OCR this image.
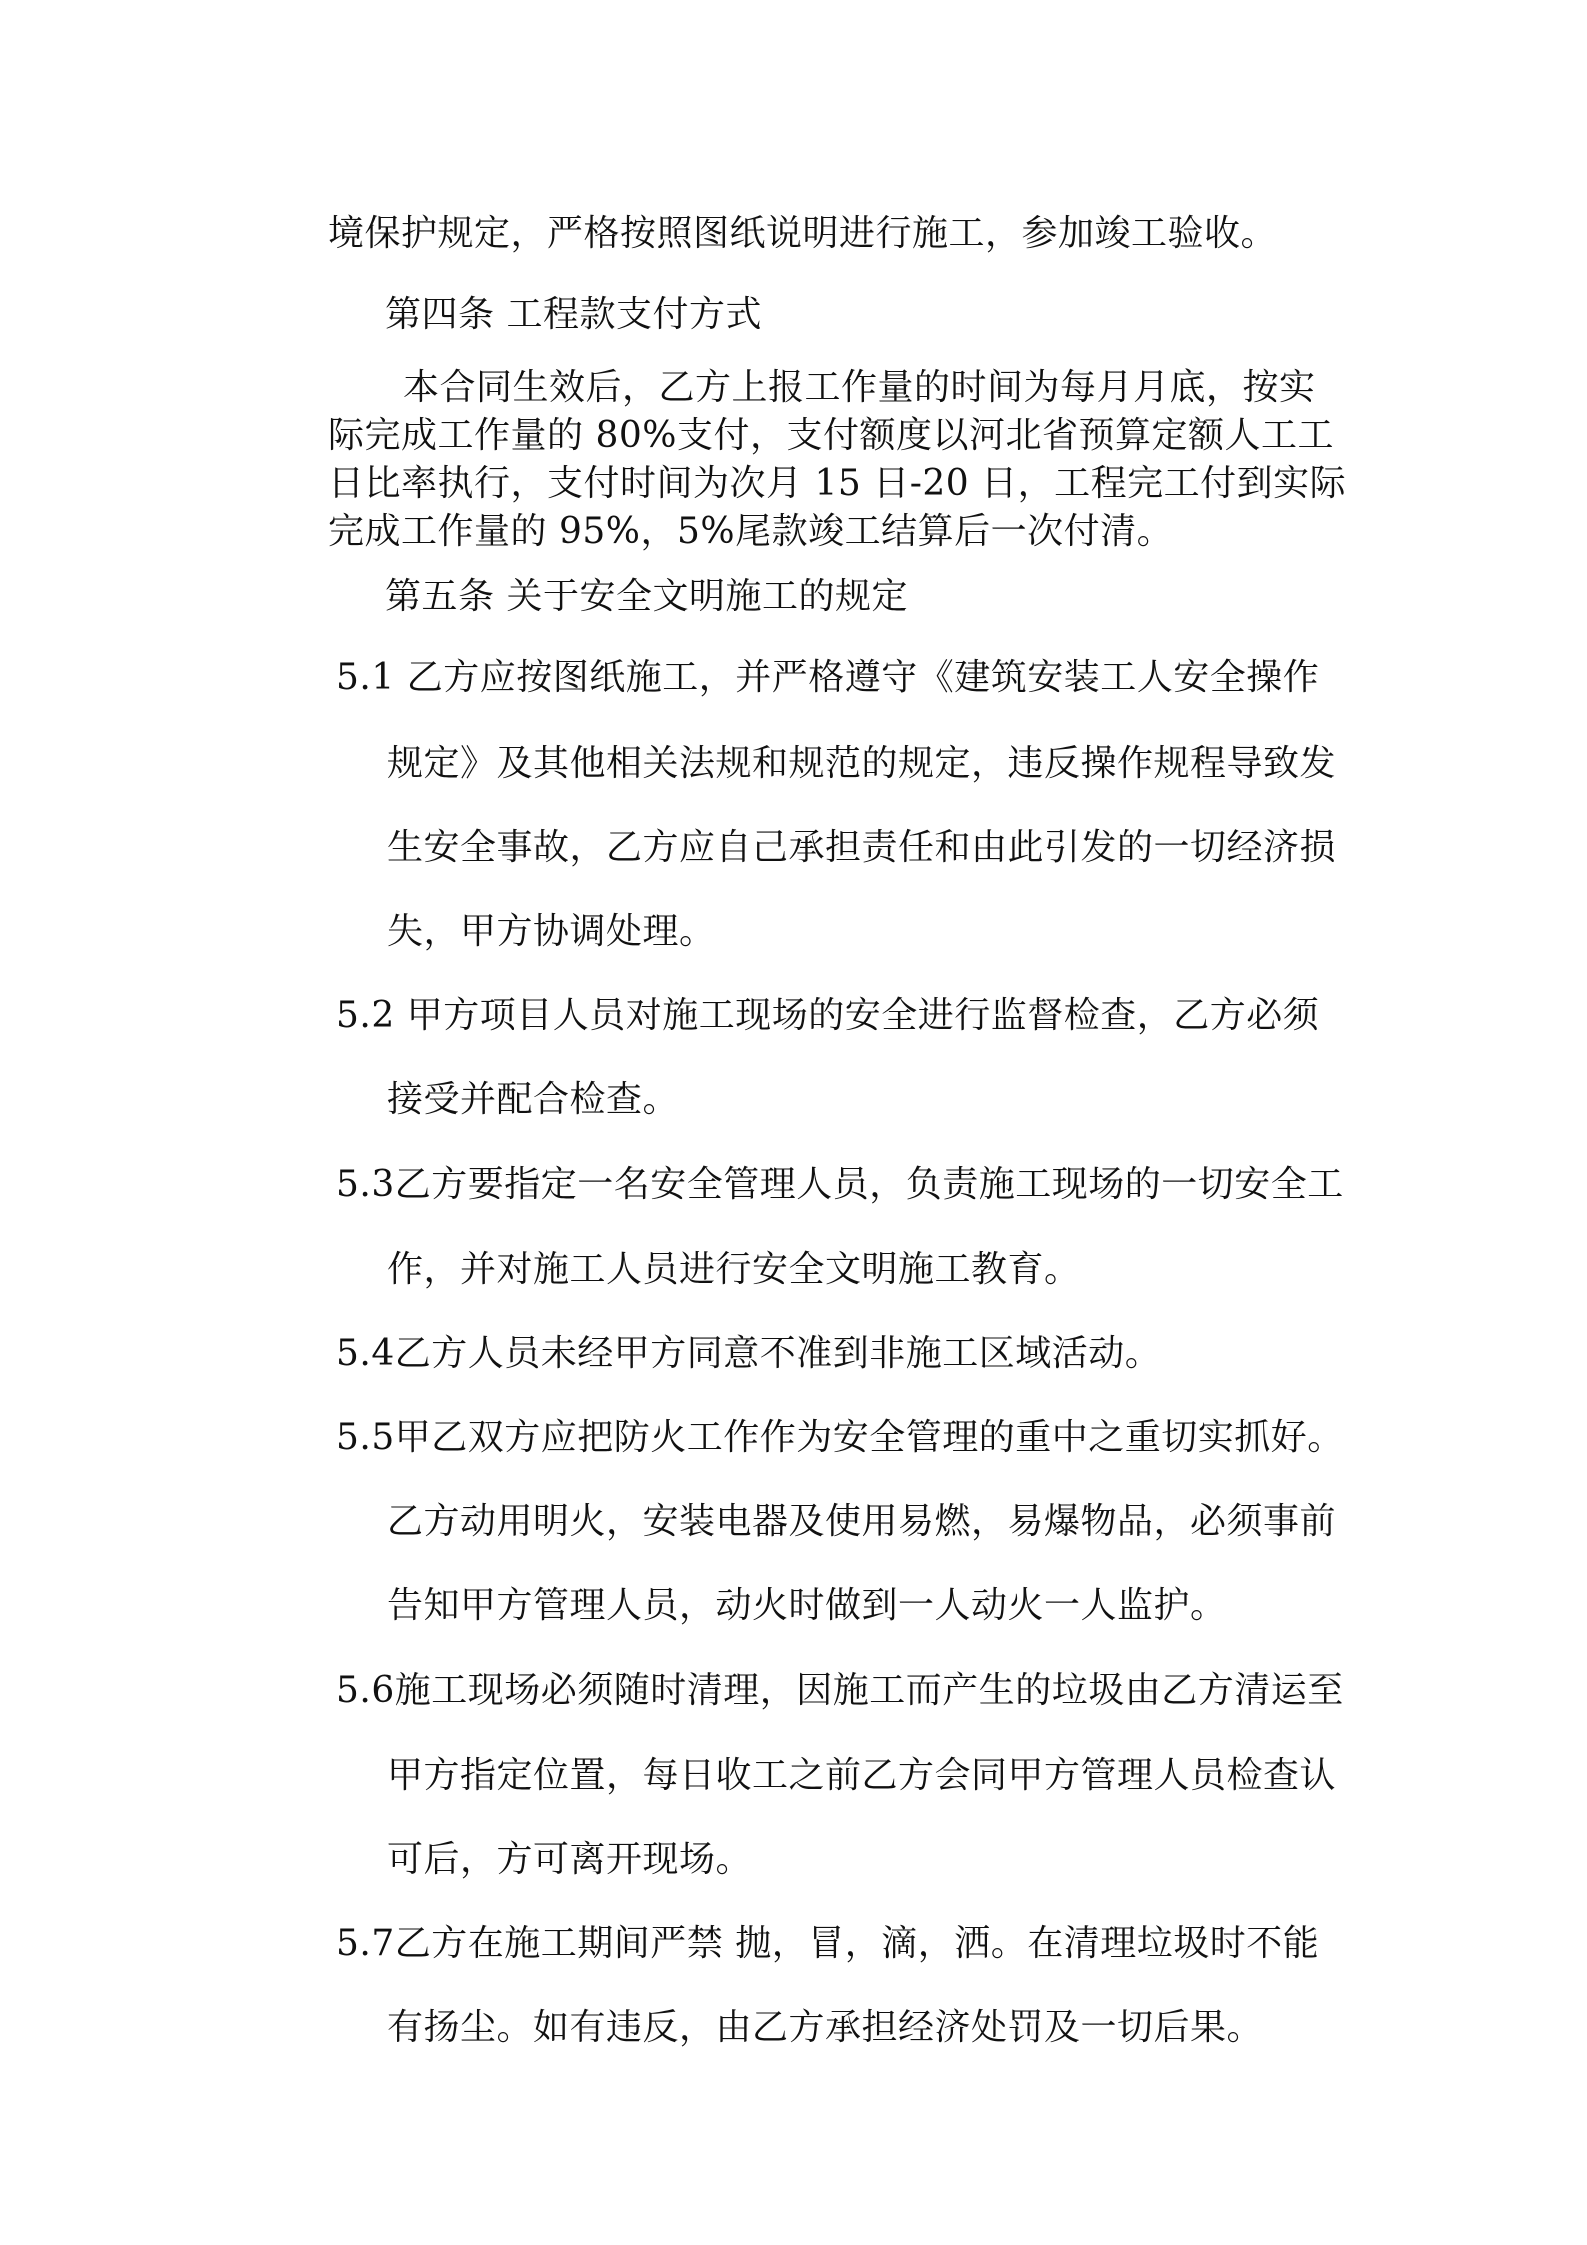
境保护规定，严格按照图纸说明进行施工，参加竣工验收。
第四条 工程款支付方式
本合同生效后，乙方上报工作量的时间为每月月底，按实
际完成工作量的 80%支付，支付额度以河北省预算定额人工工
日比率执行，支付时间为次月 15 日-20 日，工程完工付到实际
完成工作量的 95%，5%尾款竣工结算后一次付清。
第五条 关于安全文明施工的规定
5.1 乙方应按图纸施工，并严格遵守《建筑安装工人安全操作
规定》及其他相关法规和规范的规定，违反操作规程导致发
生安全事故，乙方应自己承担责任和由此引发的一切经济损
失，甲方协调处理。
5.2 甲方项目人员对施工现场的安全进行监督检查，乙方必须
接受并配合检查。
5.3乙方要指定一名安全管理人员，负责施工现场的一切安全工
作，并对施工人员进行安全文明施工教育。
5.4乙方人员未经甲方同意不准到非施工区域活动。
5.5甲乙双方应把防火工作作为安全管理的重中之重切实抓好。
乙方动用明火，安装电器及使用易燃，易爆物品，必须事前
告知甲方管理人员，动火时做到一人动火一人监护。
5.6施工现场必须随时清理，因施工而产生的垃圾由乙方清运至
甲方指定位置，每日收工之前乙方会同甲方管理人员检查认
可后，方可离开现场。
5.7乙方在施工期间严禁 抛，冒，滴，洒。在清理垃圾时不能
有扬尘。如有违反，由乙方承担经济处罚及一切后果。
